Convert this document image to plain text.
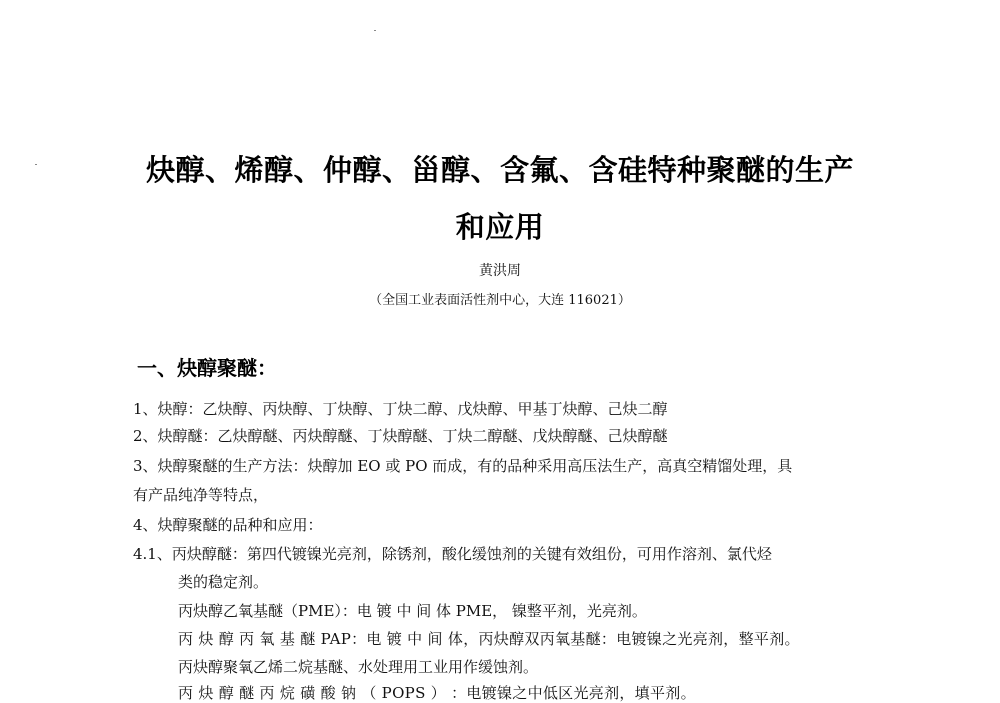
炔醇、烯醇、仲醇、甾醇、含氟、含硅特种聚醚的生产
和应用
黄洪周
（全国工业表面活性剂中心，大连 116021）
一、炔醇聚醚：
1、炔醇：乙炔醇、丙炔醇、丁炔醇、丁炔二醇、戊炔醇、甲基丁炔醇、己炔二醇
2、炔醇醚：乙炔醇醚、丙炔醇醚、丁炔醇醚、丁炔二醇醚、戊炔醇醚、己炔醇醚
3、炔醇聚醚的生产方法：炔醇加 EO 或 PO 而成，有的品种采用高压法生产，高真空精馏处理，具
有产品纯净等特点，
4、炔醇聚醚的品种和应用：
4.1、丙炔醇醚：第四代镀镍光亮剂，除锈剂，酸化缓蚀剂的关键有效组份，可用作溶剂、氯代烃
类的稳定剂。
丙炔醇乙氧基醚（PME）：电 镀 中 间 体 PME， 镍整平剂，光亮剂。
丙 炔 醇 丙 氧 基 醚 PAP：电 镀 中 间 体，丙炔醇双丙氧基醚：电镀镍之光亮剂，整平剂。
丙炔醇聚氧乙烯二烷基醚、水处理用工业用作缓蚀剂。
丙 炔 醇 醚 丙 烷 磺 酸 钠 （ POPS ） ：电镀镍之中低区光亮剂，填平剂。
